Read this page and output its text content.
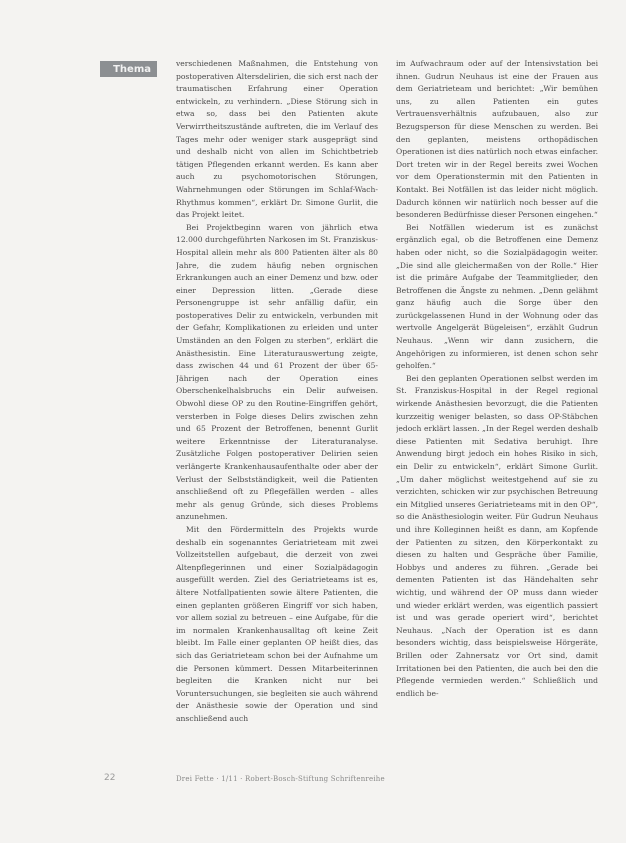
Thema	verschiedenen Maßnahmen, die Entstehung von postoperativen Altersdelirien, die sich erst nach der traumatischen Erfahrung einer Operation entwickeln, zu verhindern. „Diese Störung sich in etwa so, dass bei den Patienten akute Verwirrtheitszustände auftreten, die im Verlauf des Tages mehr oder weniger stark ausgeprägt sind und deshalb nicht von allen im Schichtbetrieb tätigen Pflegenden erkannt werden. Es kann aber auch zu psychomotorischen Störungen, Wahrnehmungen oder Störungen im Schlaf-Wach-Rhythmus kommen“, erklärt Dr. Simone Gurlit, die das Projekt leitet.

Bei Projektbeginn waren von jährlich etwa 12.000 durchgeführten Narkosen im St. Franziskus-Hospital allein mehr als 800 Patienten älter als 80 Jahre, die zudem häufig neben orgnischen Erkrankungen auch an einer Demenz und bzw. oder einer Depression litten. „Gerade diese Personengruppe ist sehr anfällig dafür, ein postoperatives Delir zu entwickeln, verbunden mit der Gefahr, Komplikationen zu erleiden und unter Umständen an den Folgen zu sterben“, erklärt die Anästhesistin. Eine Literaturauswertung zeigte, dass zwischen 44 und 61 Prozent der über 65-Jährigen nach der Operation eines Oberschenkelhalsbruchs ein Delir aufweisen. Obwohl diese OP zu den Routine-Eingriffen gehört, versterben in Folge dieses Delirs zwischen zehn und 65 Prozent der Betroffenen, benennt Gurlit weitere Erkenntnisse der Literaturanalyse. Zusätzliche Folgen postoperativer Delirien seien verlängerte Krankenhausaufenthalte oder aber der Verlust der Selbstständigkeit, weil die Patienten anschließend oft zu Pflegefällen werden – alles mehr als genug Gründe, sich dieses Problems anzunehmen.

Mit den Fördermitteln des Projekts wurde deshalb ein sogenanntes Geriatrieteam mit zwei Vollzeitstellen aufgebaut, die derzeit von zwei Altenpflegerinnen und einer Sozialpädagogin ausgefüllt werden. Ziel des Geriatrieteams ist es, ältere Notfallpatienten sowie ältere Patienten, die einen geplanten größeren Eingriff vor sich haben, vor allem sozial zu betreuen – eine Aufgabe, für die im normalen Krankenhausalltag oft keine Zeit bleibt. Im Falle einer geplanten OP heißt dies, das sich das Geriatrieteam schon bei der Aufnahme um die Personen kümmert. Dessen Mitarbeiterinnen begleiten die Kranken nicht nur bei Voruntersuchungen, sie begleiten sie auch während der Anästhesie sowie der Operation und sind anschließend auch

im Aufwachraum oder auf der Intensivstation bei ihnen. Gudrun Neuhaus ist eine der Frauen aus dem Geriatrieteam und berichtet: „Wir bemühen uns, zu allen Patienten ein gutes Vertrauensverhältnis aufzubauen, also zur Bezugsperson für diese Menschen zu werden. Bei den geplanten, meistens orthopädischen Operationen ist dies natürlich noch etwas einfacher. Dort treten wir in der Regel bereits zwei Wochen vor dem Operationstermin mit den Patienten in Kontakt. Bei Notfällen ist das leider nicht möglich. Dadurch können wir natürlich noch besser auf die besonderen Bedürfnisse dieser Personen eingehen.“

Bei Notfällen wiederum ist es zunächst ergänzlich egal, ob die Betroffenen eine Demenz haben oder nicht, so die Sozialpädagogin weiter. „Die sind alle gleichermaßen von der Rolle.“ Hier ist die primäre Aufgabe der Teammitglieder, den Betroffenen die Ängste zu nehmen. „Denn gelähmt ganz häufig auch die Sorge über den zurückgelassenen Hund in der Wohnung oder das wertvolle Angelgerät Bügeleisen“, erzählt Gudrun Neuhaus. „Wenn wir dann zusichern, die Angehörigen zu informieren, ist denen schon sehr geholfen.“

Bei den geplanten Operationen selbst werden im St. Franziskus-Hospital in der Regel regional wirkende Anästhesien bevorzugt, die die Patienten kurzzeitig weniger belasten, so dass OP-Stäbchen jedoch erklärt lassen. „In der Regel werden deshalb diese Patienten mit Sedativa beruhigt. Ihre Anwendung birgt jedoch ein hohes Risiko in sich, ein Delir zu entwickeln“, erklärt Simone Gurlit. „Um daher möglichst weitestgehend auf sie zu verzichten, schicken wir zur psychischen Betreuung ein Mitglied unseres Geriatrieteams mit in den OP“, so die Anästhesiologin weiter. Für Gudrun Neuhaus und ihre Kolleginnen heißt es dann, am Kopfende der Patienten zu sitzen, den Körperkontakt zu diesen zu halten und Gespräche über Familie, Hobbys und anderes zu führen. „Gerade bei dementen Patienten ist das Händehalten sehr wichtig, und während der OP muss dann wieder und wieder erklärt werden, was eigentlich passiert ist und was gerade operiert wird“, berichtet Neuhaus. „Nach der Operation ist es dann besonders wichtig, dass beispielsweise Hörgeräte, Brillen oder Zahnersatz vor Ort sind, damit Irritationen bei den Patienten, die auch bei den die Pflegende vermieden werden.“ Schließlich und endlich be-

22	Drei Fette · 1/11 · Robert-Bosch-Stiftung Schriftenreihe
